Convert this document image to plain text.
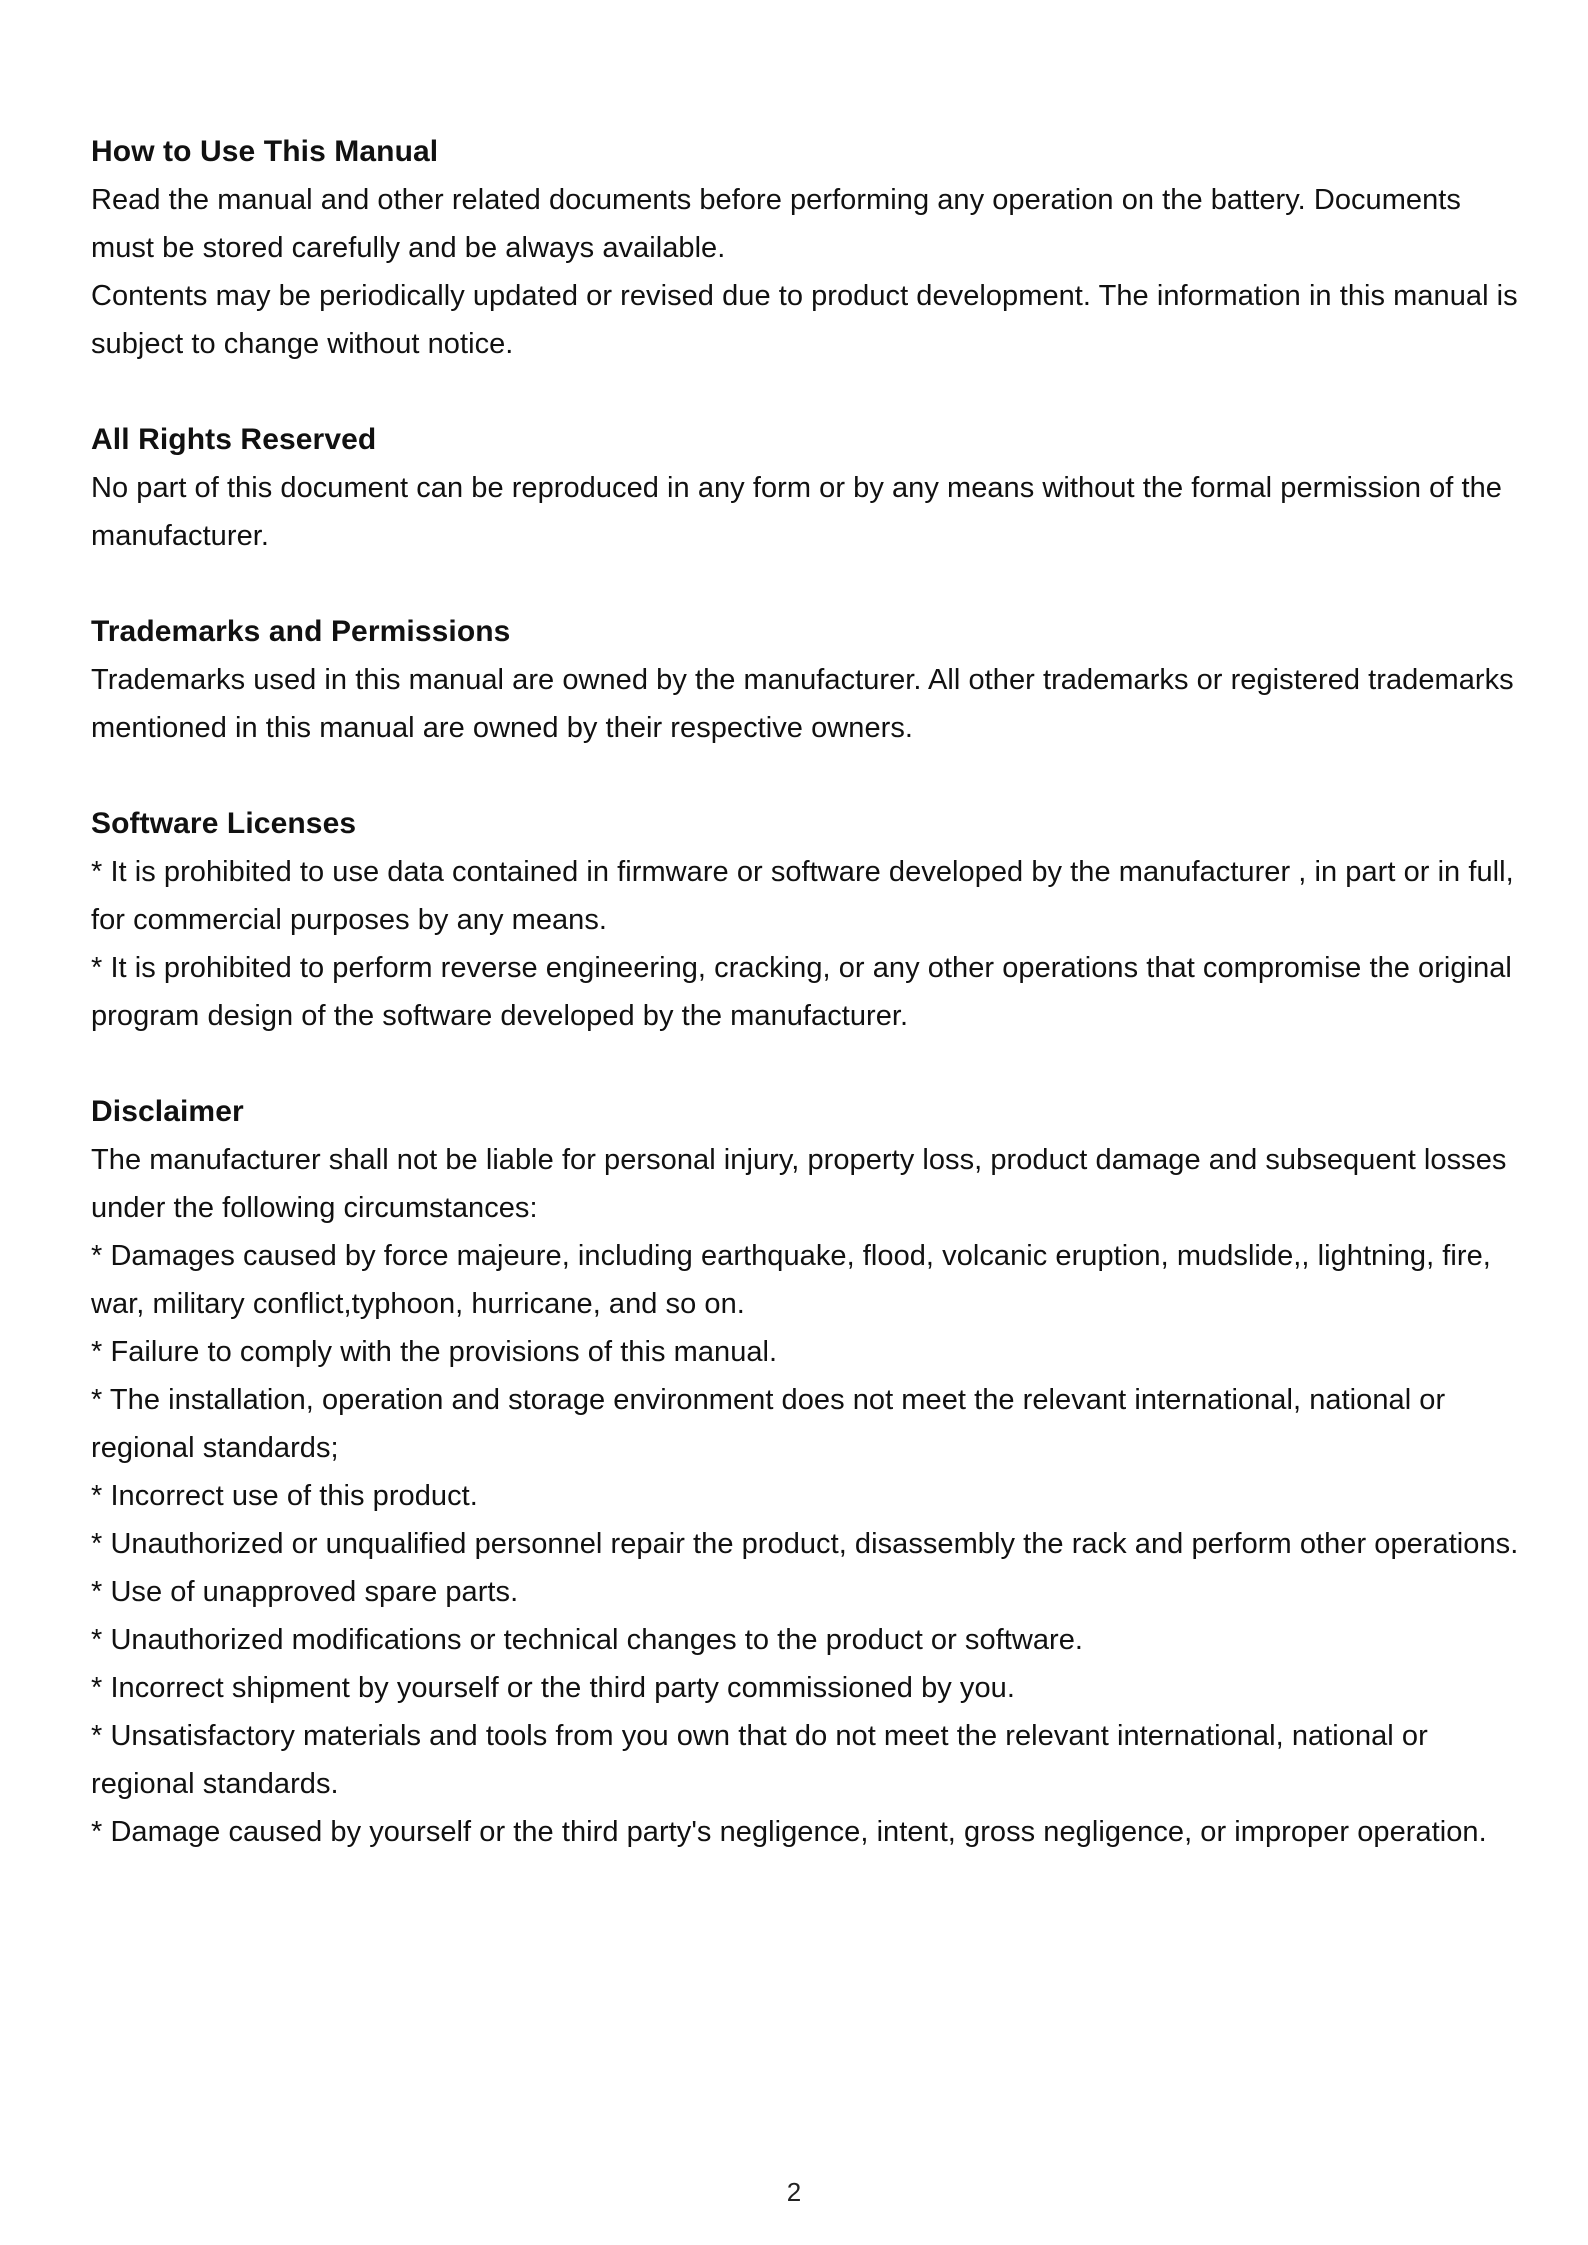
How to Use This Manual

Read the manual and other related documents before performing any operation on the battery. Documents must be stored carefully and be always available.

Contents may be periodically updated or revised due to product development. The information in this manual is subject to change without notice.

All Rights Reserved

No part of this document can be reproduced in any form or by any means without the formal permission of the manufacturer.

Trademarks and Permissions

Trademarks used in this manual are owned by the manufacturer. All other trademarks or registered trademarks mentioned in this manual are owned by their respective owners.

Software Licenses

* It is prohibited to use data contained in firmware or software developed by the manufacturer , in part or in full, for commercial purposes by any means.

* It is prohibited to perform reverse engineering, cracking, or any other operations that compromise the original program design of the software developed by the manufacturer.

Disclaimer

The manufacturer shall not be liable for personal injury, property loss, product damage and subsequent losses under the following circumstances:

* Damages caused by force majeure, including earthquake, flood, volcanic eruption, mudslide,, lightning, fire, war, military conflict,typhoon, hurricane, and so on.

* Failure to comply with the provisions of this manual.

* The installation, operation and storage environment does not meet the relevant international, national or regional standards;

* Incorrect use of this product.

* Unauthorized or unqualified personnel repair the product, disassembly the rack and perform other operations.

* Use of unapproved spare parts.

* Unauthorized modifications or technical changes to the product or software.

* Incorrect shipment by yourself or the third party commissioned by you.

* Unsatisfactory materials and tools from you own that do not meet the relevant international, national or regional standards.

* Damage caused by yourself or the third party's negligence, intent, gross negligence, or improper operation.

2
